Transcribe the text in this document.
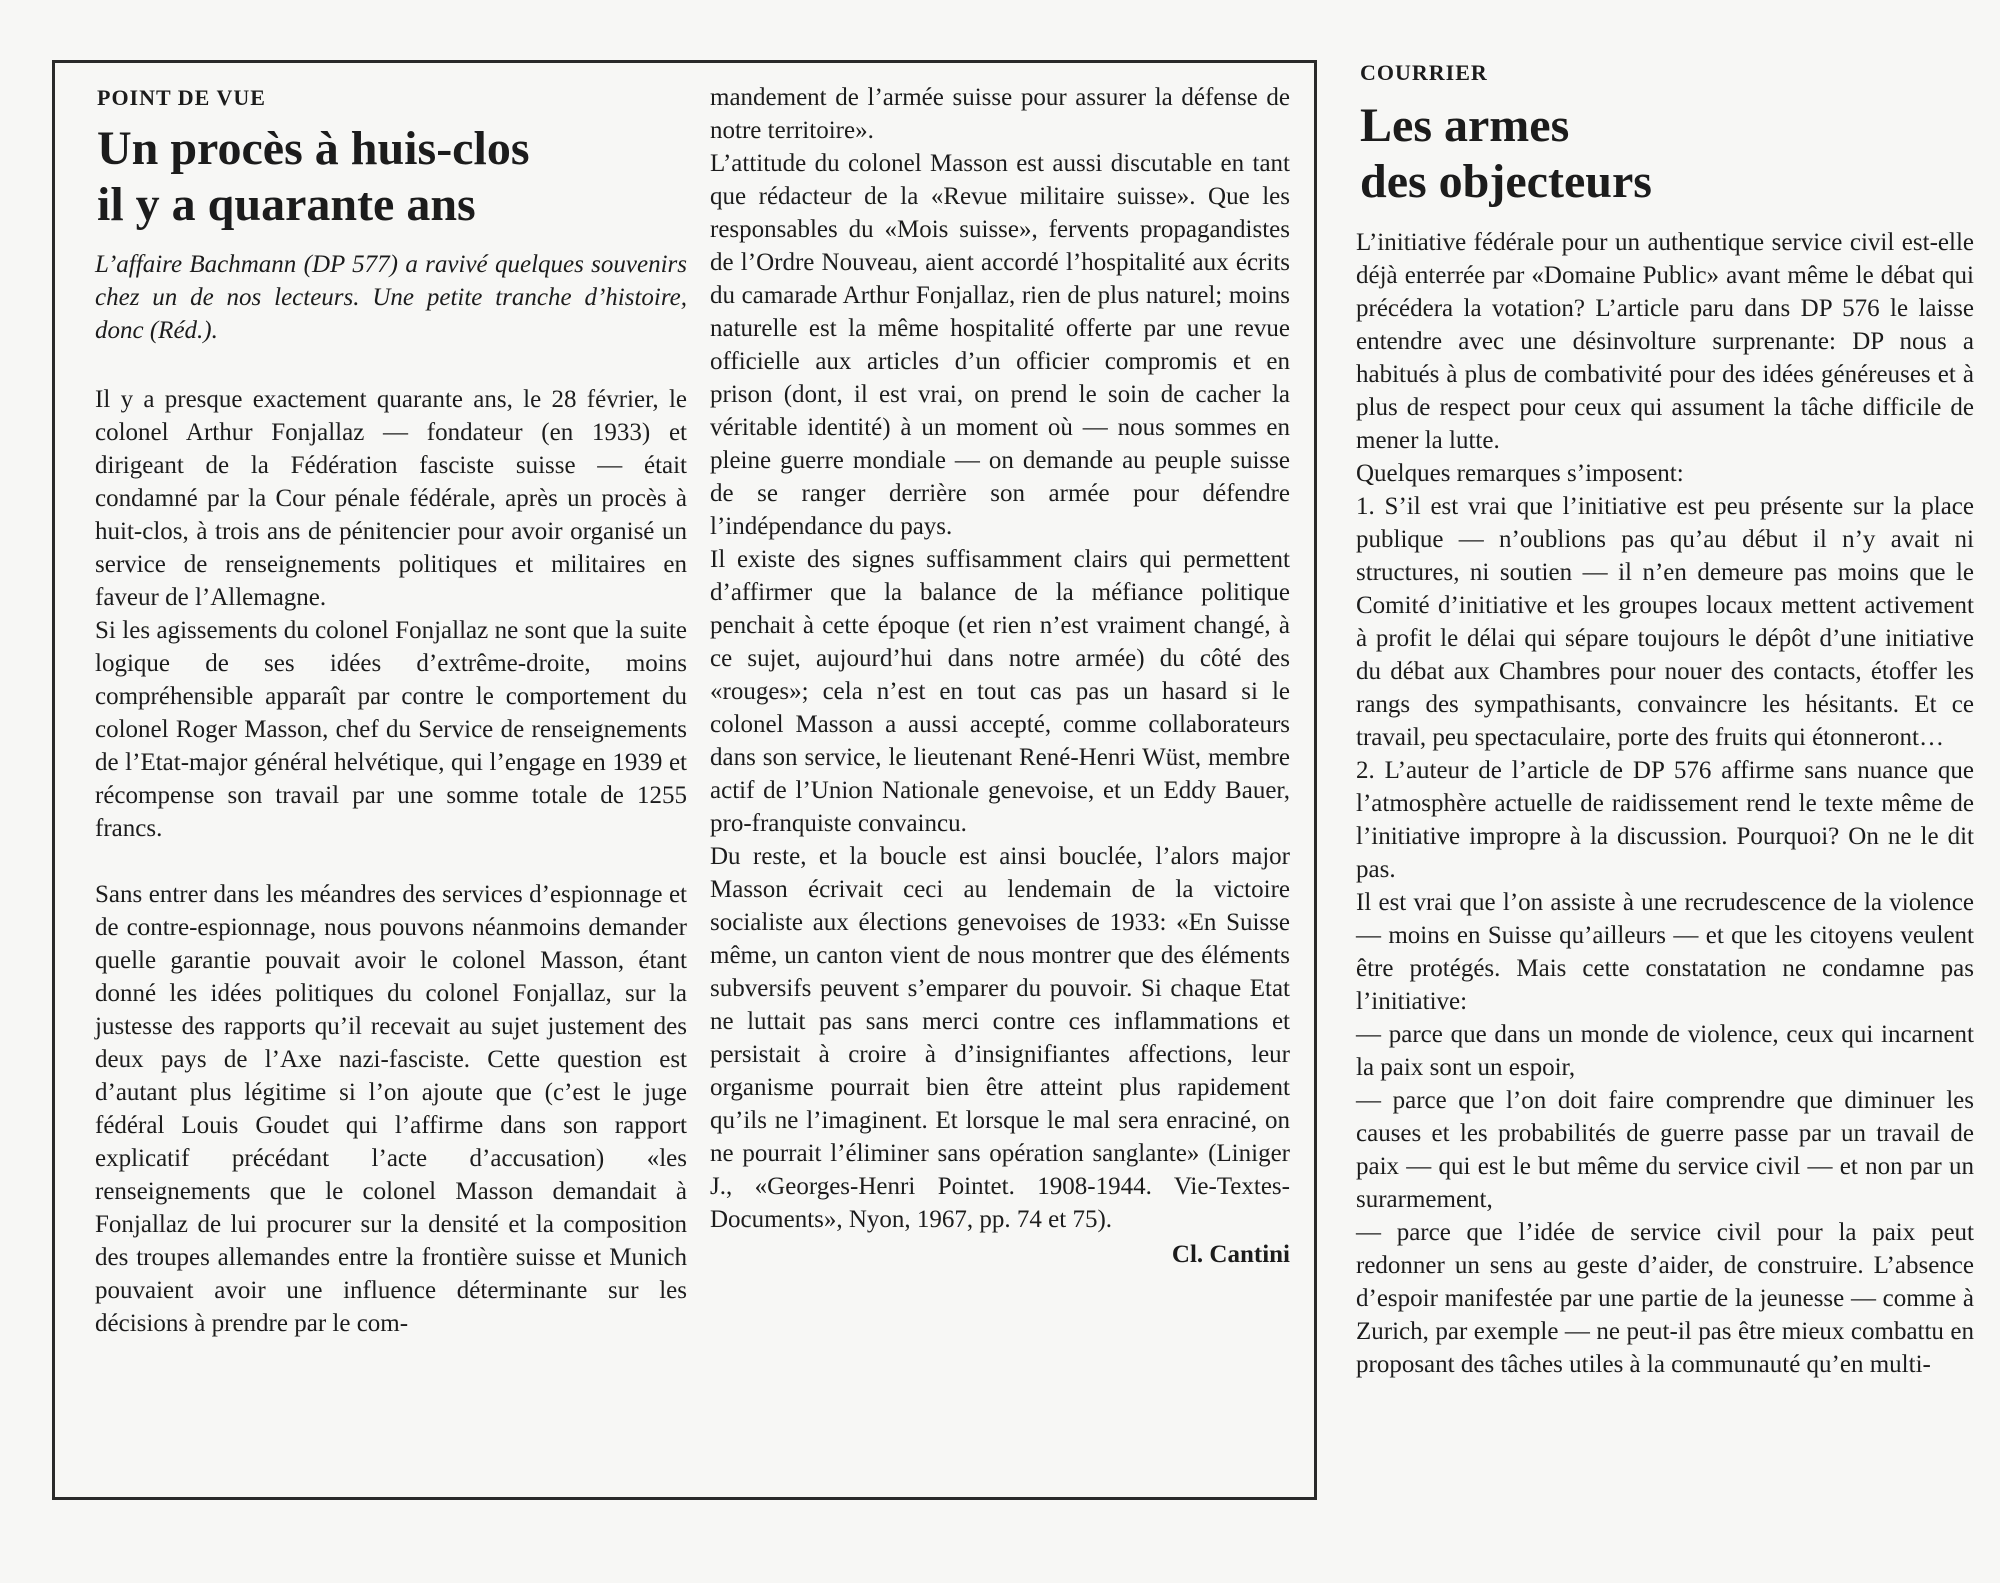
POINT DE VUE
Un procès à huis-clos
il y a quarante ans

L’affaire Bachmann (DP 577) a ravivé quelques souvenirs chez un de nos lecteurs. Une petite tranche d’histoire, donc (Réd.).

Il y a presque exactement quarante ans, le 28 février, le colonel Arthur Fonjallaz — fondateur (en 1933) et dirigeant de la Fédération fasciste suisse — était condamné par la Cour pénale fédérale, après un procès à huit-clos, à trois ans de pénitencier pour avoir organisé un service de renseignements politiques et militaires en faveur de l’Allemagne.

Si les agissements du colonel Fonjallaz ne sont que la suite logique de ses idées d’extrême-droite, moins compréhensible apparaît par contre le comportement du colonel Roger Masson, chef du Service de renseignements de l’Etat-major général helvétique, qui l’engage en 1939 et récompense son travail par une somme totale de 1255 francs.

Sans entrer dans les méandres des services d’espionnage et de contre-espionnage, nous pouvons néanmoins demander quelle garantie pouvait avoir le colonel Masson, étant donné les idées politiques du colonel Fonjallaz, sur la justesse des rapports qu’il recevait au sujet justement des deux pays de l’Axe nazi-fasciste. Cette question est d’autant plus légitime si l’on ajoute que (c’est le juge fédéral Louis Goudet qui l’affirme dans son rapport explicatif précédant l’acte d’accusation) «les renseignements que le colonel Masson demandait à Fonjallaz de lui procurer sur la densité et la composition des troupes allemandes entre la frontière suisse et Munich pouvaient avoir une influence déterminante sur les décisions à prendre par le com-

mandement de l’armée suisse pour assurer la défense de notre territoire».

L’attitude du colonel Masson est aussi discutable en tant que rédacteur de la «Revue militaire suisse». Que les responsables du «Mois suisse», fervents propagandistes de l’Ordre Nouveau, aient accordé l’hospitalité aux écrits du camarade Arthur Fonjallaz, rien de plus naturel; moins naturelle est la même hospitalité offerte par une revue officielle aux articles d’un officier compromis et en prison (dont, il est vrai, on prend le soin de cacher la véritable identité) à un moment où — nous sommes en pleine guerre mondiale — on demande au peuple suisse de se ranger derrière son armée pour défendre l’indépendance du pays.

Il existe des signes suffisamment clairs qui permettent d’affirmer que la balance de la méfiance politique penchait à cette époque (et rien n’est vraiment changé, à ce sujet, aujourd’hui dans notre armée) du côté des «rouges»; cela n’est en tout cas pas un hasard si le colonel Masson a aussi accepté, comme collaborateurs dans son service, le lieutenant René-Henri Wüst, membre actif de l’Union Nationale genevoise, et un Eddy Bauer, pro-franquiste convaincu.

Du reste, et la boucle est ainsi bouclée, l’alors major Masson écrivait ceci au lendemain de la victoire socialiste aux élections genevoises de 1933: «En Suisse même, un canton vient de nous montrer que des éléments subversifs peuvent s’emparer du pouvoir. Si chaque Etat ne luttait pas sans merci contre ces inflammations et persistait à croire à d’insignifiantes affections, leur organisme pourrait bien être atteint plus rapidement qu’ils ne l’imaginent. Et lorsque le mal sera enraciné, on ne pourrait l’éliminer sans opération sanglante» (Liniger J., «Georges-Henri Pointet. 1908-1944. Vie-Textes-Documents», Nyon, 1967, pp. 74 et 75).

Cl. Cantini
COURRIER
Les armes
des objecteurs

L’initiative fédérale pour un authentique service civil est-elle déjà enterrée par «Domaine Public» avant même le débat qui précédera la votation? L’article paru dans DP 576 le laisse entendre avec une désinvolture surprenante: DP nous a habitués à plus de combativité pour des idées généreuses et à plus de respect pour ceux qui assument la tâche difficile de mener la lutte.

Quelques remarques s’imposent:

1. S’il est vrai que l’initiative est peu présente sur la place publique — n’oublions pas qu’au début il n’y avait ni structures, ni soutien — il n’en demeure pas moins que le Comité d’initiative et les groupes locaux mettent activement à profit le délai qui sépare toujours le dépôt d’une initiative du débat aux Chambres pour nouer des contacts, étoffer les rangs des sympathisants, convaincre les hésitants. Et ce travail, peu spectaculaire, porte des fruits qui étonneront…

2. L’auteur de l’article de DP 576 affirme sans nuance que l’atmosphère actuelle de raidissement rend le texte même de l’initiative impropre à la discussion. Pourquoi? On ne le dit pas.

Il est vrai que l’on assiste à une recrudescence de la violence — moins en Suisse qu’ailleurs — et que les citoyens veulent être protégés. Mais cette constatation ne condamne pas l’initiative:

— parce que dans un monde de violence, ceux qui incarnent la paix sont un espoir,

— parce que l’on doit faire comprendre que diminuer les causes et les probabilités de guerre passe par un travail de paix — qui est le but même du service civil — et non par un surarmement,

— parce que l’idée de service civil pour la paix peut redonner un sens au geste d’aider, de construire. L’absence d’espoir manifestée par une partie de la jeunesse — comme à Zurich, par exemple — ne peut-il pas être mieux combattu en proposant des tâches utiles à la communauté qu’en multi-
